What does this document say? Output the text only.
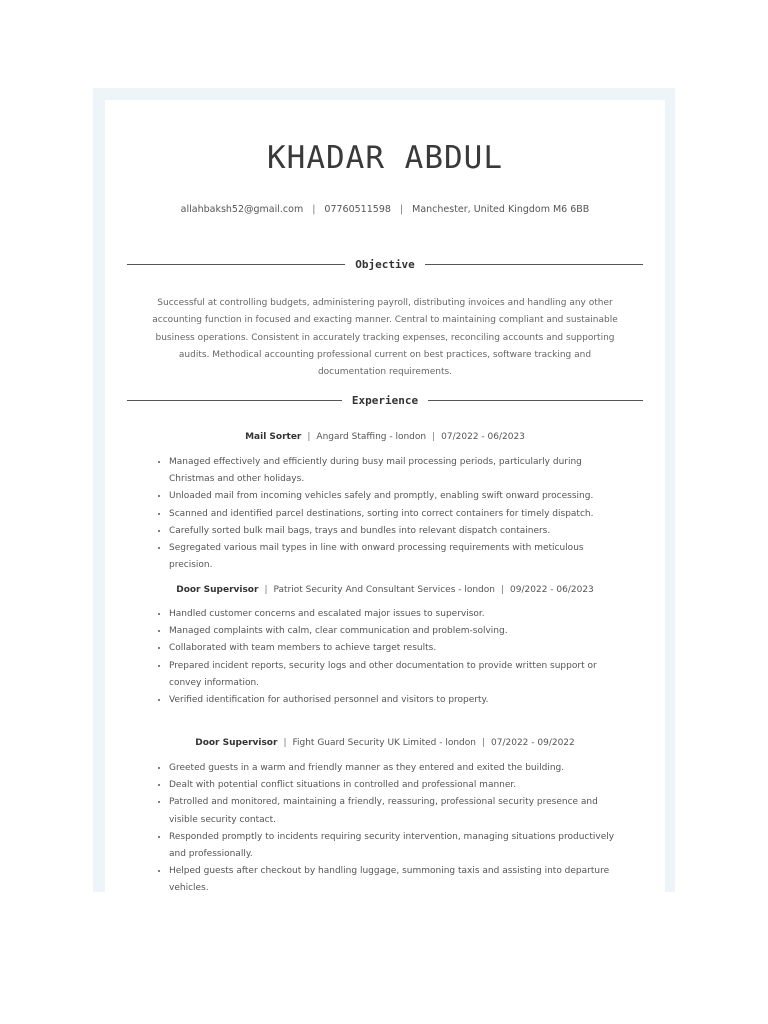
KHADAR ABDUL
allahbaksh52@gmail.com | 07760511598 | Manchester, United Kingdom M6 6BB
Objective
Successful at controlling budgets, administering payroll, distributing invoices and handling any other accounting function in focused and exacting manner. Central to maintaining compliant and sustainable business operations. Consistent in accurately tracking expenses, reconciling accounts and supporting audits. Methodical accounting professional current on best practices, software tracking and documentation requirements.
Experience
Mail Sorter | Angard Staffing - london | 07/2022 - 06/2023
• Managed effectively and efficiently during busy mail processing periods, particularly during Christmas and other holidays.
• Unloaded mail from incoming vehicles safely and promptly, enabling swift onward processing.
• Scanned and identified parcel destinations, sorting into correct containers for timely dispatch.
• Carefully sorted bulk mail bags, trays and bundles into relevant dispatch containers.
• Segregated various mail types in line with onward processing requirements with meticulous precision.
Door Supervisor | Patriot Security And Consultant Services - london | 09/2022 - 06/2023
• Handled customer concerns and escalated major issues to supervisor.
• Managed complaints with calm, clear communication and problem-solving.
• Collaborated with team members to achieve target results.
• Prepared incident reports, security logs and other documentation to provide written support or convey information.
• Verified identification for authorised personnel and visitors to property.
Door Supervisor | Fight Guard Security UK Limited - london | 07/2022 - 09/2022
• Greeted guests in a warm and friendly manner as they entered and exited the building.
• Dealt with potential conflict situations in controlled and professional manner.
• Patrolled and monitored, maintaining a friendly, reassuring, professional security presence and visible security contact.
• Responded promptly to incidents requiring security intervention, managing situations productively and professionally.
• Helped guests after checkout by handling luggage, summoning taxis and assisting into departure vehicles.
